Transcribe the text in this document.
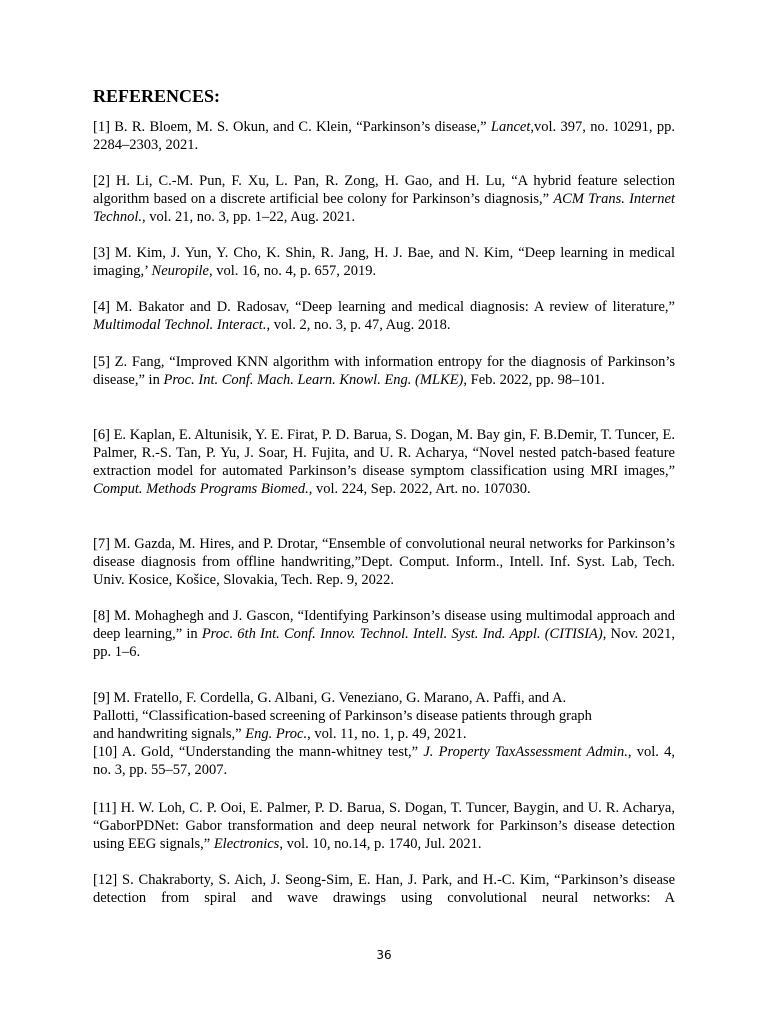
REFERENCES:
[1] B. R. Bloem, M. S. Okun, and C. Klein, “Parkinson’s disease,” Lancet,vol. 397, no. 10291, pp. 2284–2303, 2021.
[2] H. Li, C.-M. Pun, F. Xu, L. Pan, R. Zong, H. Gao, and H. Lu, “A hybrid feature selection algorithm based on a discrete artificial bee colony for Parkinson’s diagnosis,” ACM Trans. Internet Technol., vol. 21, no. 3, pp. 1–22, Aug. 2021.
[3] M. Kim, J. Yun, Y. Cho, K. Shin, R. Jang, H. J. Bae, and N. Kim, “Deep learning in medical imaging,’ Neuropile, vol. 16, no. 4, p. 657, 2019.
[4] M. Bakator and D. Radosav, “Deep learning and medical diagnosis: A review of literature,” Multimodal Technol. Interact., vol. 2, no. 3, p. 47, Aug. 2018.
[5] Z. Fang, “Improved KNN algorithm with information entropy for the diagnosis of Parkinson’s disease,” in Proc. Int. Conf. Mach. Learn. Knowl. Eng. (MLKE), Feb. 2022, pp. 98–101.
[6] E. Kaplan, E. Altunisik, Y. E. Firat, P. D. Barua, S. Dogan, M. Bay gin, F. B.Demir, T. Tuncer, E. Palmer, R.-S. Tan, P. Yu, J. Soar, H. Fujita, and U. R. Acharya, “Novel nested patch-based feature extraction model for automated Parkinson’s disease symptom classification using MRI images,” Comput. Methods Programs Biomed., vol. 224, Sep. 2022, Art. no. 107030.
[7] M. Gazda, M. Hires, and P. Drotar, “Ensemble of convolutional neural networks for Parkinson’s disease diagnosis from offline handwriting,”Dept. Comput. Inform., Intell. Inf. Syst. Lab, Tech. Univ. Kosice, Košice, Slovakia, Tech. Rep. 9, 2022.
[8] M. Mohaghegh and J. Gascon, “Identifying Parkinson’s disease using multimodal approach and deep learning,” in Proc. 6th Int. Conf. Innov. Technol. Intell. Syst. Ind. Appl. (CITISIA), Nov. 2021, pp. 1–6.
[9] M. Fratello, F. Cordella, G. Albani, G. Veneziano, G. Marano, A. Paffi, and A. Pallotti, “Classification-based screening of Parkinson’s disease patients through graph and handwriting signals,” Eng. Proc., vol. 11, no. 1, p. 49, 2021.
[10] A. Gold, “Understanding the mann-whitney test,” J. Property TaxAssessment Admin., vol. 4, no. 3, pp. 55–57, 2007.
[11] H. W. Loh, C. P. Ooi, E. Palmer, P. D. Barua, S. Dogan, T. Tuncer, Baygin, and U. R. Acharya, “GaborPDNet: Gabor transformation and deep neural network for Parkinson’s disease detection using EEG signals,” Electronics, vol. 10, no.14, p. 1740, Jul. 2021.
[12] S. Chakraborty, S. Aich, J. Seong-Sim, E. Han, J. Park, and H.-C. Kim, “Parkinson’s disease detection from spiral and wave drawings using convolutional neural networks: A
36
